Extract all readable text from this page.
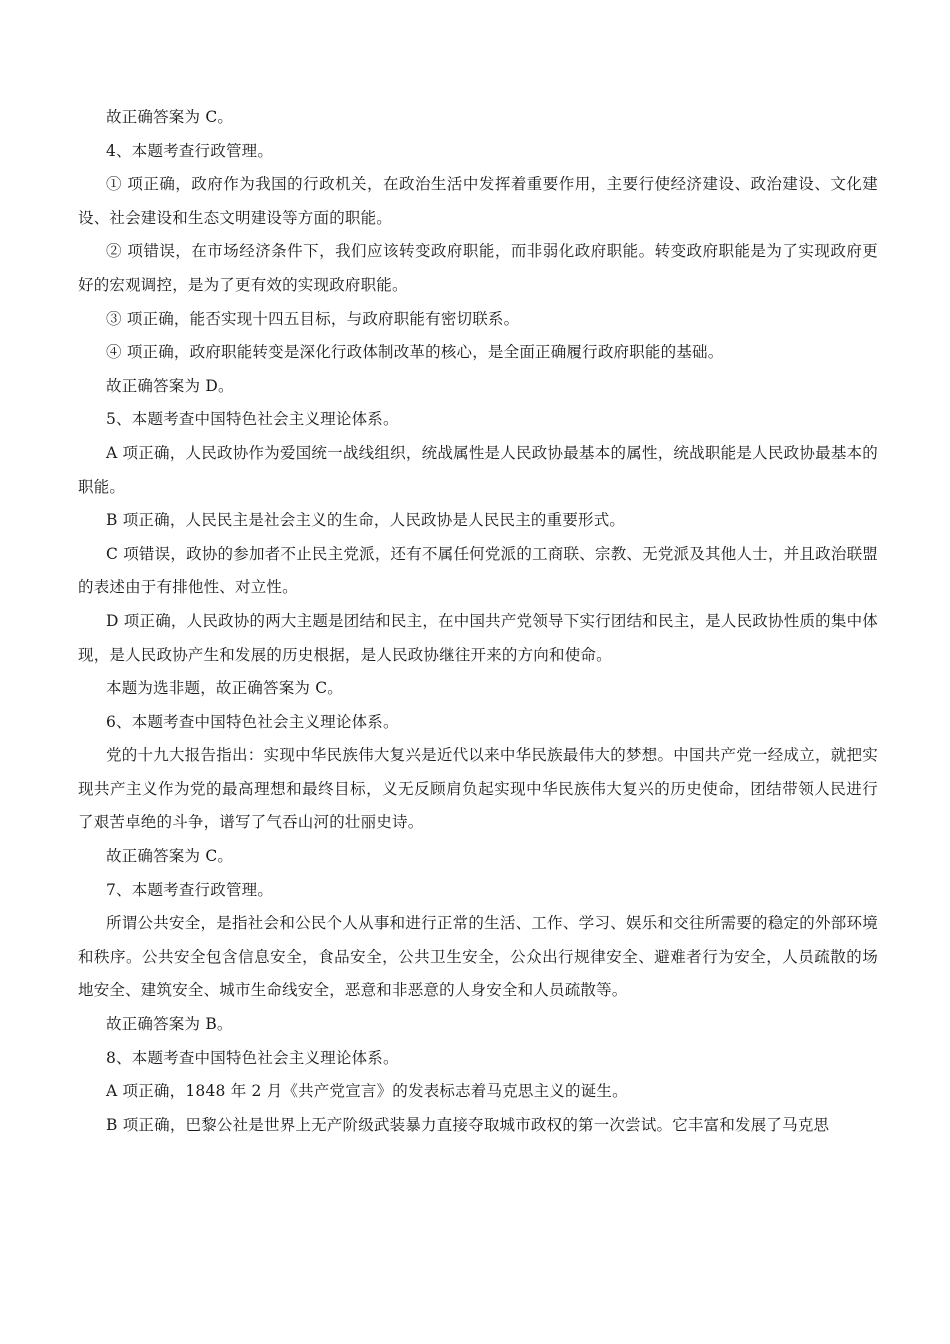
故正确答案为 C。

4、本题考查行政管理。

① 项正确，政府作为我国的行政机关，在政治生活中发挥着重要作用，主要行使经济建设、政治建设、文化建设、社会建设和生态文明建设等方面的职能。

② 项错误，在市场经济条件下，我们应该转变政府职能，而非弱化政府职能。转变政府职能是为了实现政府更好的宏观调控，是为了更有效的实现政府职能。

③ 项正确，能否实现十四五目标，与政府职能有密切联系。

④ 项正确，政府职能转变是深化行政体制改革的核心，是全面正确履行政府职能的基础。

故正确答案为 D。

5、本题考查中国特色社会主义理论体系。

A 项正确，人民政协作为爱国统一战线组织，统战属性是人民政协最基本的属性，统战职能是人民政协最基本的职能。

B 项正确，人民民主是社会主义的生命，人民政协是人民民主的重要形式。

C 项错误，政协的参加者不止民主党派，还有不属任何党派的工商联、宗教、无党派及其他人士，并且政治联盟的表述由于有排他性、对立性。

D 项正确，人民政协的两大主题是团结和民主，在中国共产党领导下实行团结和民主，是人民政协性质的集中体现，是人民政协产生和发展的历史根据，是人民政协继往开来的方向和使命。

本题为选非题，故正确答案为 C。

6、本题考查中国特色社会主义理论体系。

党的十九大报告指出：实现中华民族伟大复兴是近代以来中华民族最伟大的梦想。中国共产党一经成立，就把实现共产主义作为党的最高理想和最终目标，义无反顾肩负起实现中华民族伟大复兴的历史使命，团结带领人民进行了艰苦卓绝的斗争，谱写了气吞山河的壮丽史诗。

故正确答案为 C。

7、本题考查行政管理。

所谓公共安全，是指社会和公民个人从事和进行正常的生活、工作、学习、娱乐和交往所需要的稳定的外部环境和秩序。公共安全包含信息安全，食品安全，公共卫生安全，公众出行规律安全、避难者行为安全，人员疏散的场地安全、建筑安全、城市生命线安全，恶意和非恶意的人身安全和人员疏散等。

故正确答案为 B。

8、本题考查中国特色社会主义理论体系。

A 项正确，1848 年 2 月《共产党宣言》的发表标志着马克思主义的诞生。

B 项正确，巴黎公社是世界上无产阶级武装暴力直接夺取城市政权的第一次尝试。它丰富和发展了马克思
